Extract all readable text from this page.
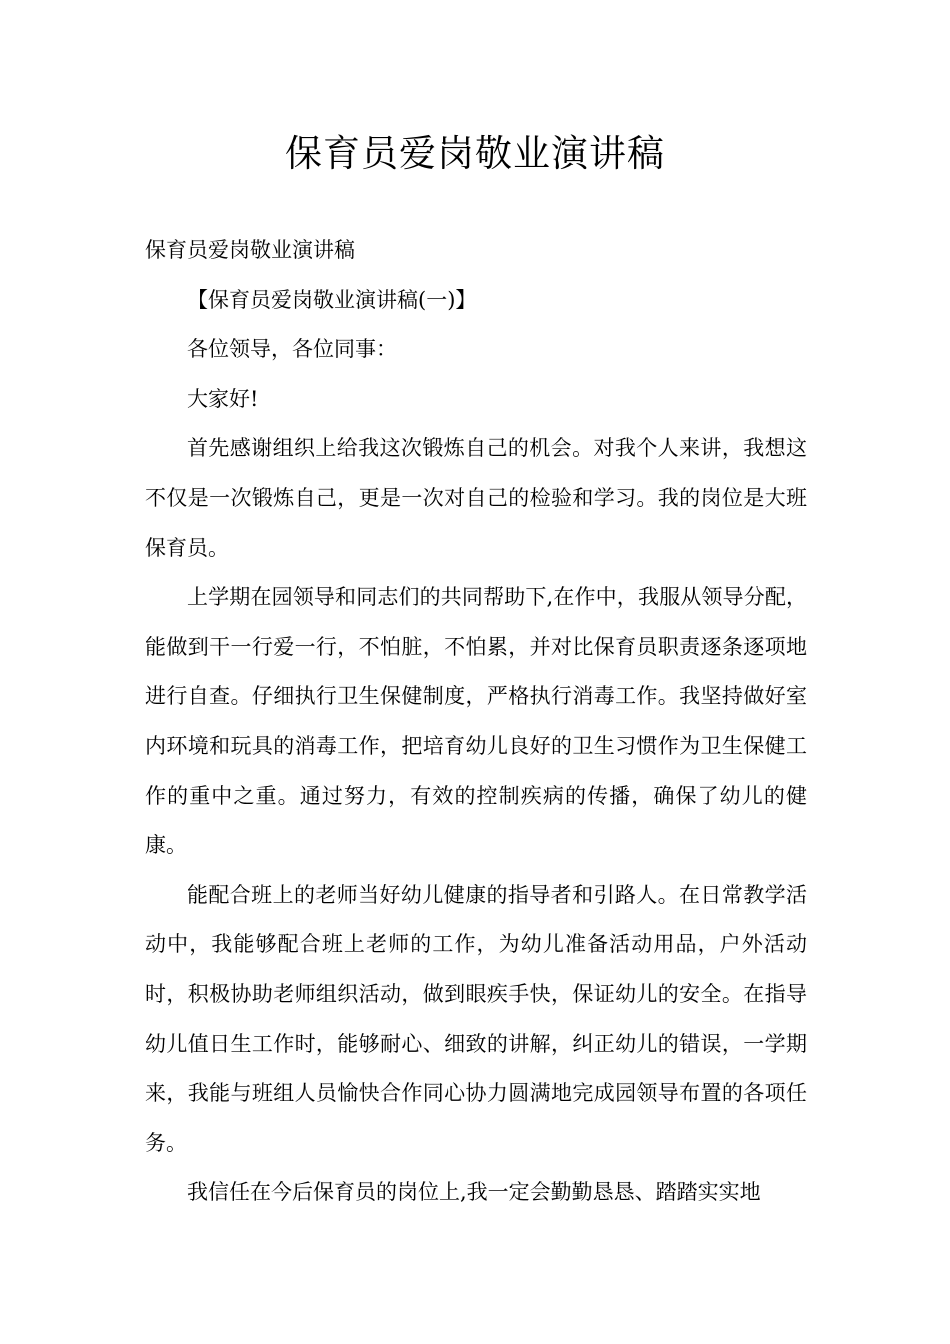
保育员爱岗敬业演讲稿

保育员爱岗敬业演讲稿

【保育员爱岗敬业演讲稿(一)】

各位领导，各位同事：

大家好!

首先感谢组织上给我这次锻炼自己的机会。对我个人来讲，我想这不仅是一次锻炼自己，更是一次对自己的检验和学习。我的岗位是大班保育员。

上学期在园领导和同志们的共同帮助下,在作中，我服从领导分配，能做到干一行爱一行，不怕脏，不怕累，并对比保育员职责逐条逐项地进行自查。仔细执行卫生保健制度，严格执行消毒工作。我坚持做好室内环境和玩具的消毒工作，把培育幼儿良好的卫生习惯作为卫生保健工作的重中之重。通过努力，有效的控制疾病的传播，确保了幼儿的健康。

能配合班上的老师当好幼儿健康的指导者和引路人。在日常教学活动中，我能够配合班上老师的工作，为幼儿准备活动用品，户外活动时，积极协助老师组织活动，做到眼疾手快，保证幼儿的安全。在指导幼儿值日生工作时，能够耐心、细致的讲解，纠正幼儿的错误，一学期来，我能与班组人员愉快合作同心协力圆满地完成园领导布置的各项任务。

我信任在今后保育员的岗位上,我一定会勤勤恳恳、踏踏实实地
